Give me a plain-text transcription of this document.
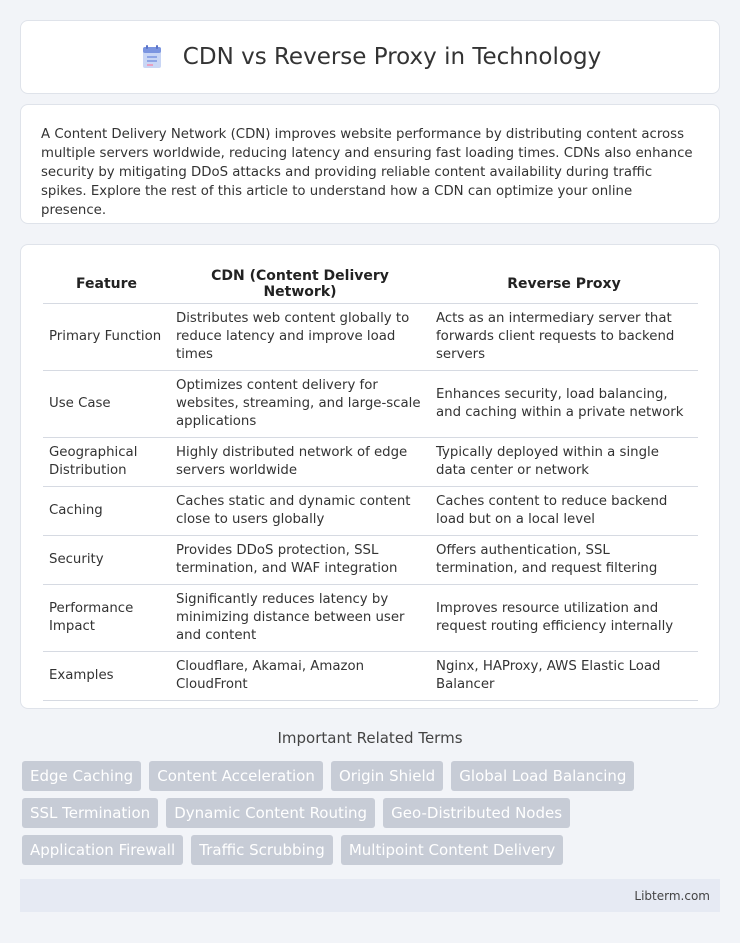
CDN vs Reverse Proxy in Technology

A Content Delivery Network (CDN) improves website performance by distributing content across multiple servers worldwide, reducing latency and ensuring fast loading times. CDNs also enhance security by mitigating DDoS attacks and providing reliable content availability during traffic spikes. Explore the rest of this article to understand how a CDN can optimize your online presence.

Feature	CDN (Content Delivery Network)	Reverse Proxy
Primary Function	Distributes web content globally to reduce latency and improve load times	Acts as an intermediary server that forwards client requests to backend servers
Use Case	Optimizes content delivery for websites, streaming, and large-scale applications	Enhances security, load balancing, and caching within a private network
Geographical Distribution	Highly distributed network of edge servers worldwide	Typically deployed within a single data center or network
Caching	Caches static and dynamic content close to users globally	Caches content to reduce backend load but on a local level
Security	Provides DDoS protection, SSL termination, and WAF integration	Offers authentication, SSL termination, and request filtering
Performance Impact	Significantly reduces latency by minimizing distance between user and content	Improves resource utilization and request routing efficiency internally
Examples	Cloudflare, Akamai, Amazon CloudFront	Nginx, HAProxy, AWS Elastic Load Balancer
Important Related Terms
Edge Caching Content Acceleration Origin Shield Global Load Balancing SSL Termination Dynamic Content Routing Geo-Distributed Nodes Application Firewall Traffic Scrubbing Multipoint Content Delivery
Libterm.com
